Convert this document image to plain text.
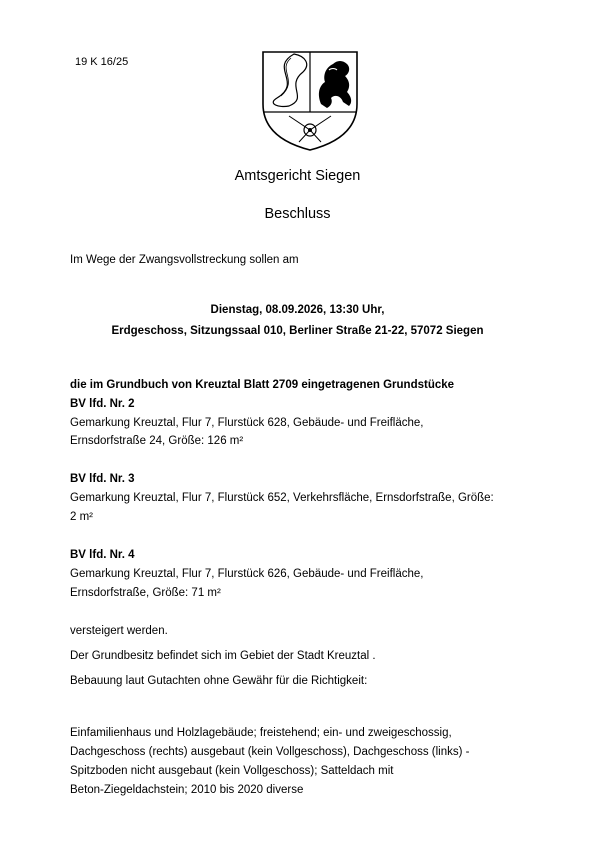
19 K 16/25
Amtsgericht Siegen
Beschluss
Im Wege der Zwangsvollstreckung sollen am
Dienstag, 08.09.2026, 13:30 Uhr,
Erdgeschoss, Sitzungssaal 010, Berliner Straße 21-22, 57072 Siegen
die im Grundbuch von Kreuztal Blatt 2709 eingetragenen Grundstücke
BV lfd. Nr. 2
Gemarkung Kreuztal, Flur 7, Flurstück 628, Gebäude- und Freifläche,
Ernsdorfstraße 24, Größe: 126 m²
BV lfd. Nr. 3
Gemarkung Kreuztal, Flur 7, Flurstück 652, Verkehrsfläche, Ernsdorfstraße, Größe:
2 m²
BV lfd. Nr. 4
Gemarkung Kreuztal, Flur 7, Flurstück 626, Gebäude- und Freifläche,
Ernsdorfstraße, Größe: 71 m²
versteigert werden.
Der Grundbesitz befindet sich im Gebiet der Stadt Kreuztal .
Bebauung laut Gutachten ohne Gewähr für die Richtigkeit:
Einfamilienhaus und Holzlagebäude; freistehend; ein- und zweigeschossig,
Dachgeschoss (rechts) ausgebaut (kein Vollgeschoss), Dachgeschoss (links) -
Spitzboden nicht ausgebaut (kein Vollgeschoss); Satteldach mit
Beton-Ziegeldachstein; 2010 bis 2020 diverse
